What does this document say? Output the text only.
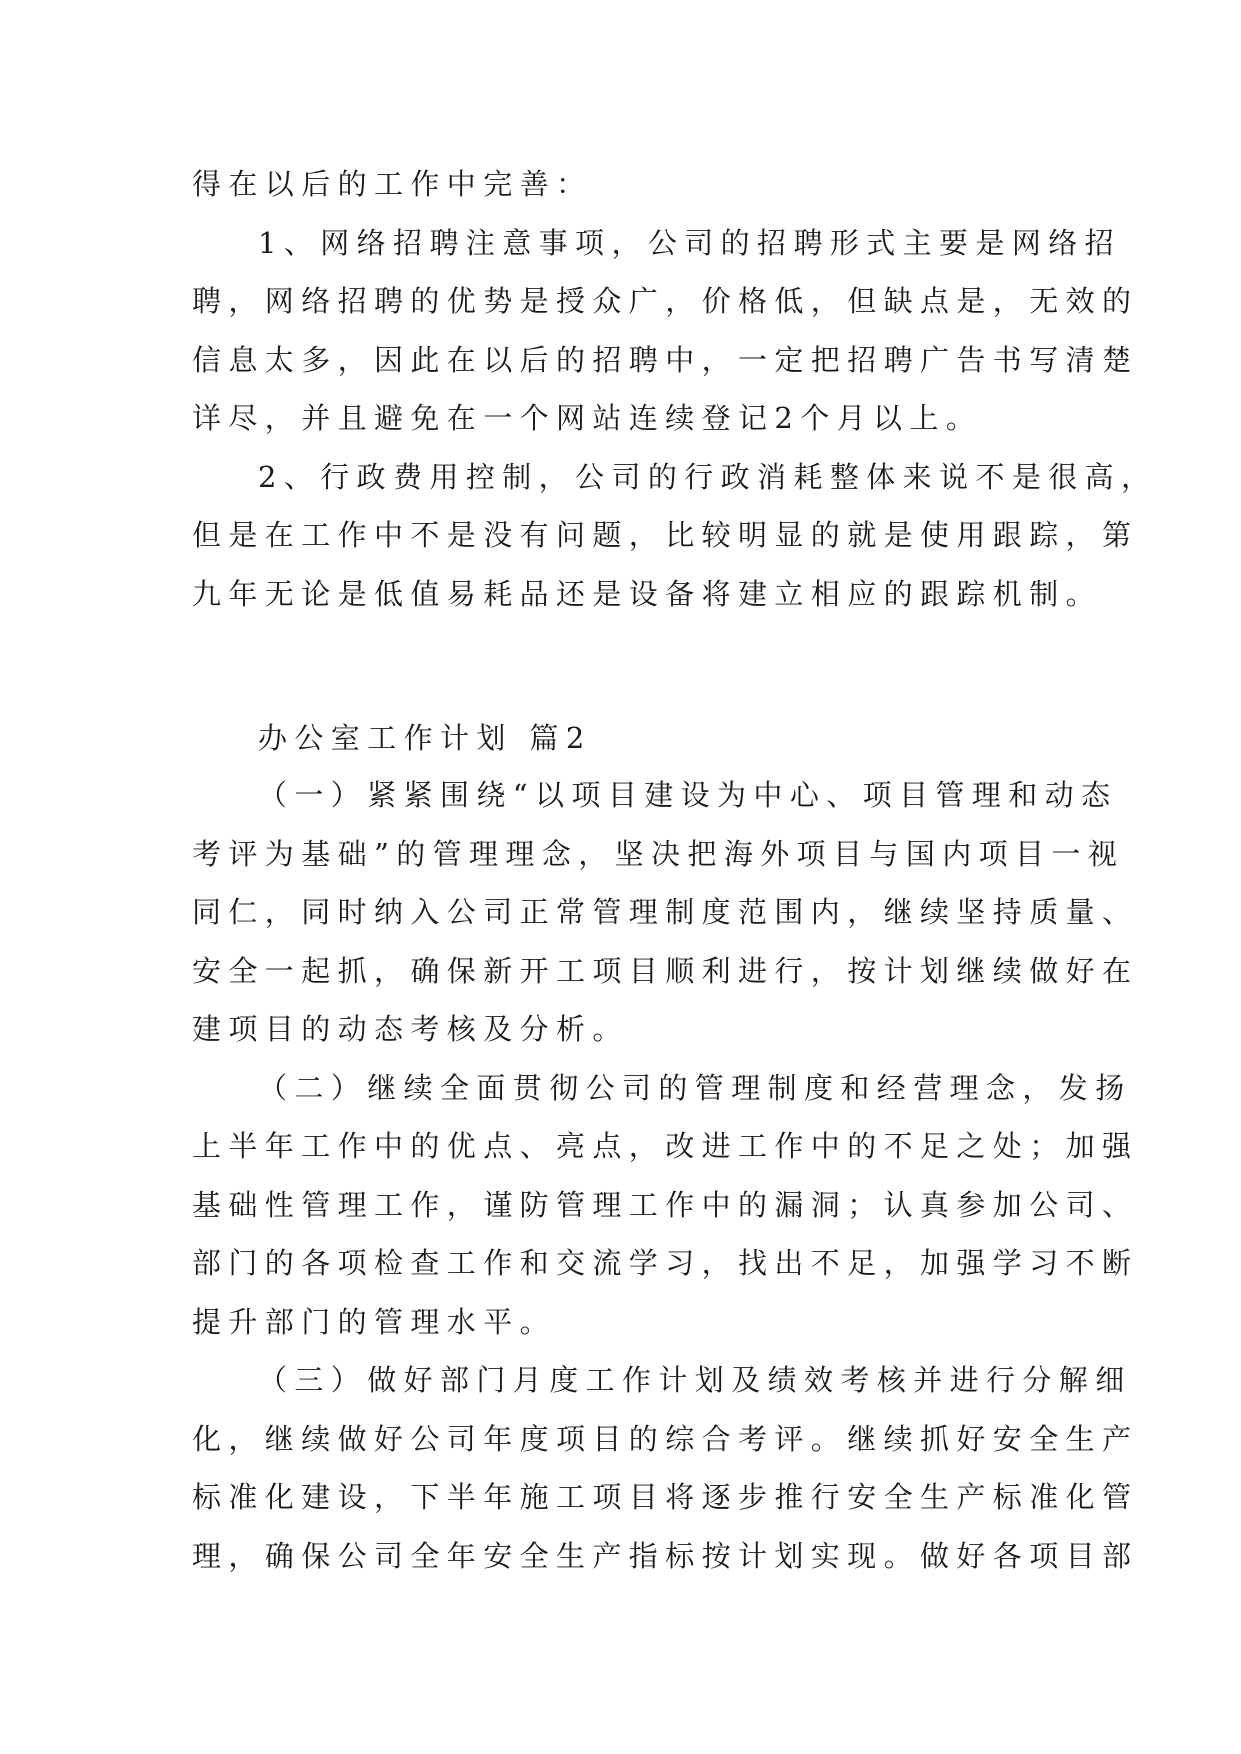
得在以后的工作中完善：
1、网络招聘注意事项，公司的招聘形式主要是网络招
聘，网络招聘的优势是授众广，价格低，但缺点是，无效的
信息太多，因此在以后的招聘中，一定把招聘广告书写清楚
详尽，并且避免在一个网站连续登记2个月以上。
2、行政费用控制，公司的行政消耗整体来说不是很高，
但是在工作中不是没有问题，比较明显的就是使用跟踪，第
九年无论是低值易耗品还是设备将建立相应的跟踪机制。
办公室工作计划 篇2
（一）紧紧围绕“以项目建设为中心、项目管理和动态
考评为基础”的管理理念，坚决把海外项目与国内项目一视
同仁，同时纳入公司正常管理制度范围内，继续坚持质量、
安全一起抓，确保新开工项目顺利进行，按计划继续做好在
建项目的动态考核及分析。
（二）继续全面贯彻公司的管理制度和经营理念，发扬
上半年工作中的优点、亮点，改进工作中的不足之处；加强
基础性管理工作，谨防管理工作中的漏洞；认真参加公司、
部门的各项检查工作和交流学习，找出不足，加强学习不断
提升部门的管理水平。
（三）做好部门月度工作计划及绩效考核并进行分解细
化，继续做好公司年度项目的综合考评。继续抓好安全生产
标准化建设，下半年施工项目将逐步推行安全生产标准化管
理，确保公司全年安全生产指标按计划实现。做好各项目部
